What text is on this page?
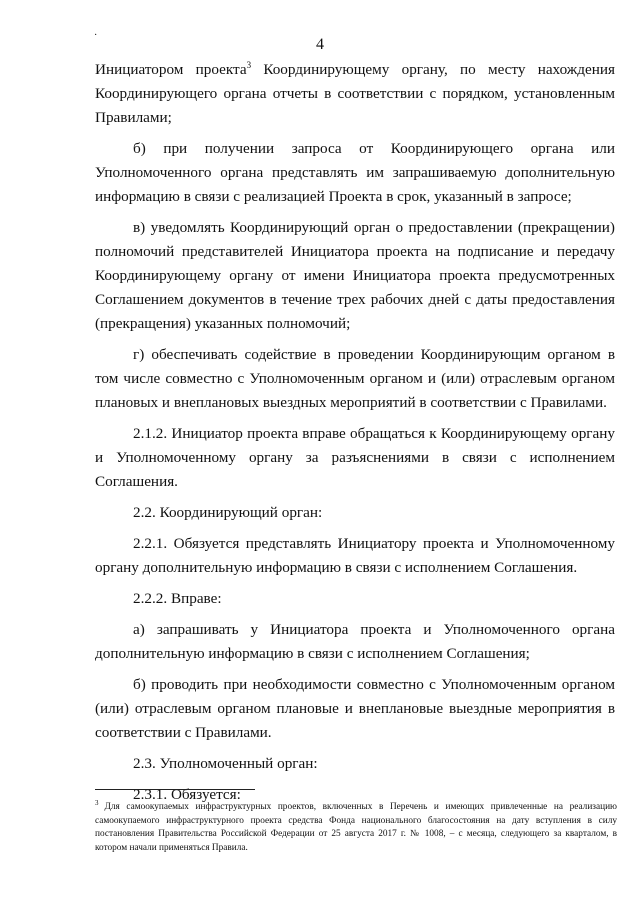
·
4

Инициатором проекта$^3$ Координирующему органу, по месту нахождения Координирующего органа отчеты в соответствии с порядком, установленным Правилами;

б) при получении запроса от Координирующего органа или Уполномоченного органа представлять им запрашиваемую дополнительную информацию в связи с реализацией Проекта в срок, указанный в запросе;

в) уведомлять Координирующий орган о предоставлении (прекращении) полномочий представителей Инициатора проекта на подписание и передачу Координирующему органу от имени Инициатора проекта предусмотренных Соглашением документов в течение трех рабочих дней с даты предоставления (прекращения) указанных полномочий;

г) обеспечивать содействие в проведении Координирующим органом в том числе совместно с Уполномоченным органом и (или) отраслевым органом плановых и внеплановых выездных мероприятий в соответствии с Правилами.

2.1.2. Инициатор проекта вправе обращаться к Координирующему органу и Уполномоченному органу за разъяснениями в связи с исполнением Соглашения.

2.2. Координирующий орган:

2.2.1. Обязуется представлять Инициатору проекта и Уполномоченному органу дополнительную информацию в связи с исполнением Соглашения.

2.2.2. Вправе:

а) запрашивать у Инициатора проекта и Уполномоченного органа дополнительную информацию в связи с исполнением Соглашения;

б) проводить при необходимости совместно с Уполномоченным органом (или) отраслевым органом плановые и внеплановые выездные мероприятия в соответствии с Правилами.

2.3. Уполномоченный орган:

2.3.1. Обязуется:

$^3$ Для самоокупаемых инфраструктурных проектов, включенных в Перечень и имеющих привлеченные на реализацию самоокупаемого инфраструктурного проекта средства Фонда национального благосостояния на дату вступления в силу постановления Правительства Российской Федерации от 25 августа 2017 г. № 1008, – с месяца, следующего за кварталом, в котором начали применяться Правила.
